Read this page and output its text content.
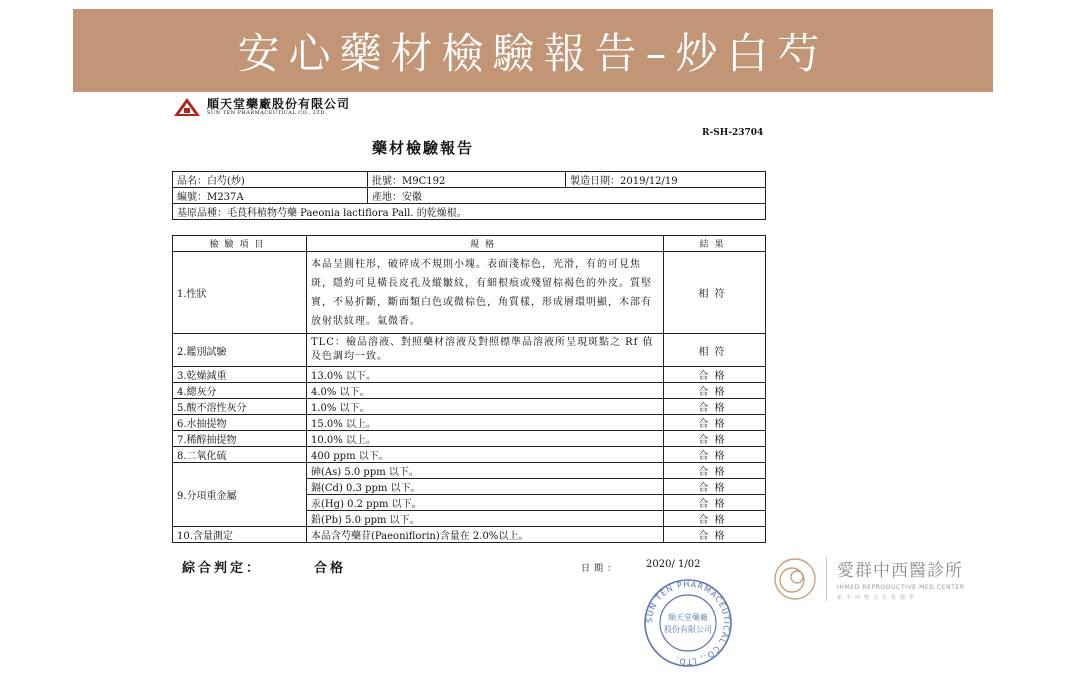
安心藥材檢驗報告–炒白芍
順天堂藥廠股份有限公司
SUN TEN PHARMACEUTICAL CO., LTD.
R-SH-23704
藥材檢驗報告
品名：白芍(炒)	批號：M9C192	製造日期：2019/12/19
編號：M237A	產地：安徽	
基原品種：毛茛科植物芍藥 Paeonia lactiflora Pall. 的乾燥根。		
檢驗項目	規格	結果
1.性狀	本品呈圓柱形，破碎成不規則小塊。表面淺棕色，光滑，有的可見焦斑，隱約可見橫長皮孔及縱皺紋，有細根痕或殘留棕褐色的外皮。質堅實，不易折斷，斷面類白色或微棕色，角質樣，形成層環明顯，木部有放射狀紋理。氣微香。	相符
2.鑑別試驗	TLC：檢品溶液、對照藥材溶液及對照標準品溶液所呈現斑點之 Rf 值及色調均一致。	相符
3.乾燥減重	13.0% 以下。	合格
4.總灰分	4.0% 以下。	合格
5.酸不溶性灰分	1.0% 以下。	合格
6.水抽提物	15.0% 以上。	合格
7.稀醇抽提物	10.0% 以上。	合格
8.二氧化硫	400 ppm 以下。	合格
9.分項重金屬	砷(As) 5.0 ppm 以下。	合格
	鎘(Cd) 0.3 ppm 以下。	合格
	汞(Hg) 0.2 ppm 以下。	合格
	鉛(Pb) 5.0 ppm 以下。	合格
10.含量測定	本品含芍藥苷(Paeoniflorin)含量在 2.0%以上。	合格
綜合判定：	合格	日期：	2020/ 1/02
SUN TEN PHARMACEUTICAL CO., LTD.
順天堂藥廠
股份有限公司
愛群中西醫診所
IHMED REPRODUCTIVE MED CENTER
新中西整合生育醫學
